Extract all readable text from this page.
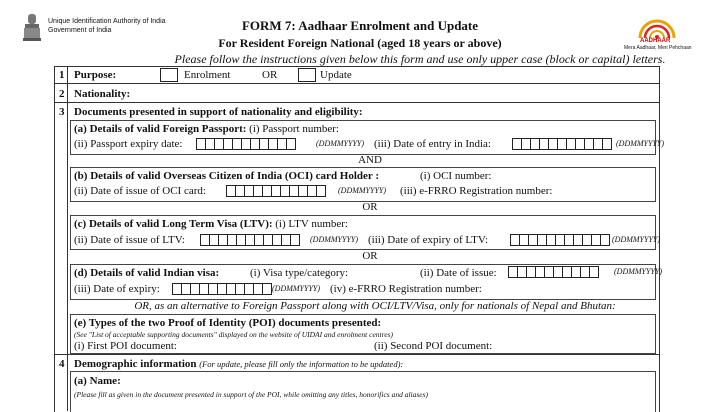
Unique Identification Authority of India
Government of India	FORM 7: Aadhaar Enrolment and Update
For Resident Foreign National (aged 18 years or above)
Please follow the instructions given below this form and use only upper case (block or capital) letters.
AADHAAR
Mera Aadhaar, Meri Pehchaan
1 Purpose:	Enrolment	OR	Update
2 Nationality:
3 Documents presented in support of nationality and eligibility:
(a) Details of valid Foreign Passport: (i) Passport number:
(ii) Passport expiry date:	(DDMMYYYY) (iii) Date of entry in India:	(DDMMYYYY)
AND
(b) Details of valid Overseas Citizen of India (OCI) card Holder :	(i) OCI number:
(ii) Date of issue of OCI card:	(DDMMYYYY) (iii) e-FRRO Registration number:
OR
(c) Details of valid Long Term Visa (LTV): (i) LTV number:
(ii) Date of issue of LTV:	(DDMMYYYY) (iii) Date of expiry of LTV:	(DDMMYYYY)
OR
(d) Details of valid Indian visa:	(i) Visa type/category:	(ii) Date of issue:	(DDMMYYYY)
(iii) Date of expiry:	(DDMMYYYY) (iv) e-FRRO Registration number:
OR, as an alternative to Foreign Passport along with OCI/LTV/Visa, only for nationals of Nepal and Bhutan:
(e) Types of the two Proof of Identity (POI) documents presented:
(See "List of acceptable supporting documents" displayed on the website of UIDAI and enrolment centres)
(i) First POI document:	(ii) Second POI document:
4 Demographic information (For update, please fill only the information to be updated):
(a) Name:
(Please fill as given in the document presented in support of the POI, while omitting any titles, honorifics and aliases)
